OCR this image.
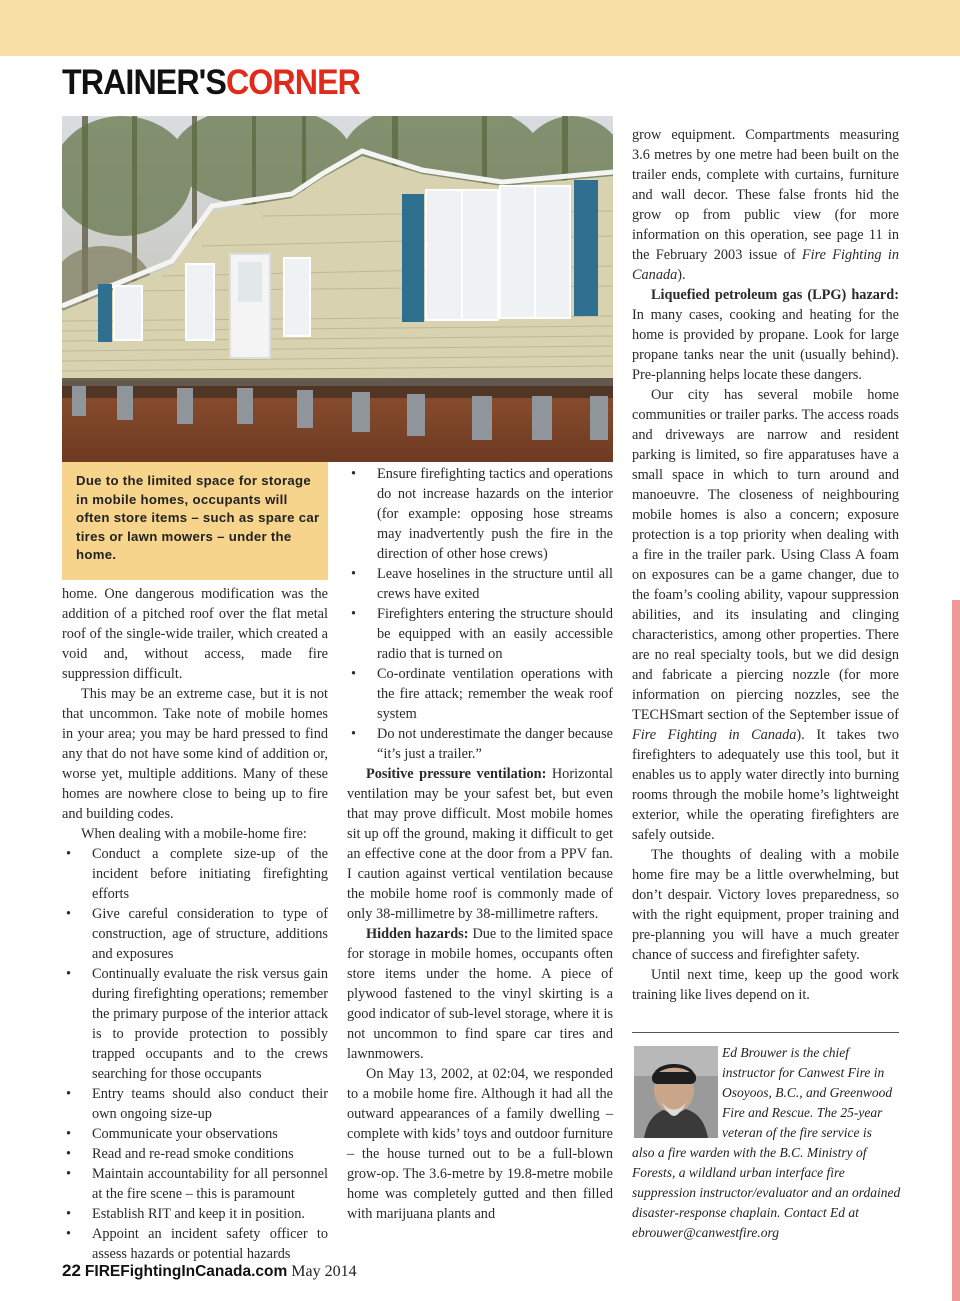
TRAINER'SCORNER
Due to the limited space for storage in mobile homes, occupants will often store items – such as spare car tires or lawn mowers – under the home.

home. One dangerous modification was the addition of a pitched roof over the flat metal roof of the single-wide trailer, which created a void and, without access, made fire suppression difficult.

This may be an extreme case, but it is not that uncommon. Take note of mobile homes in your area; you may be hard pressed to find any that do not have some kind of addition or, worse yet, multiple additions. Many of these homes are nowhere close to being up to fire and building codes.

When dealing with a mobile-home fire:

• Conduct a complete size-up of the incident before initiating firefighting efforts
• Give careful consideration to type of construction, age of structure, additions and exposures
• Continually evaluate the risk versus gain during firefighting operations; remember the primary purpose of the interior attack is to provide protection to possibly trapped occupants and to the crews searching for those occupants
• Entry teams should also conduct their own ongoing size-up
• Communicate your observations
• Read and re-read smoke conditions
• Maintain accountability for all personnel at the fire scene – this is paramount
• Establish RIT and keep it in position.
• Appoint an incident safety officer to assess hazards or potential hazards
• Ensure firefighting tactics and operations do not increase hazards on the interior (for example: opposing hose streams may inadvertently push the fire in the direction of other hose crews)
• Leave hoselines in the structure until all crews have exited
• Firefighters entering the structure should be equipped with an easily accessible radio that is turned on
• Co-ordinate ventilation operations with the fire attack; remember the weak roof system
• Do not underestimate the danger because “it’s just a trailer.”

Positive pressure ventilation: Horizontal ventilation may be your safest bet, but even that may prove difficult. Most mobile homes sit up off the ground, making it difficult to get an effective cone at the door from a PPV fan. I caution against vertical ventilation because the mobile home roof is commonly made of only 38-millimetre by 38-millimetre rafters.

Hidden hazards: Due to the limited space for storage in mobile homes, occupants often store items under the home. A piece of plywood fastened to the vinyl skirting is a good indicator of sub-level storage, where it is not uncommon to find spare car tires and lawnmowers.

On May 13, 2002, at 02:04, we responded to a mobile home fire. Although it had all the outward appearances of a family dwelling – complete with kids’ toys and outdoor furniture – the house turned out to be a full-blown grow-op. The 3.6-metre by 19.8-metre mobile home was completely gutted and then filled with marijuana plants and

grow equipment. Compartments measuring 3.6 metres by one metre had been built on the trailer ends, complete with curtains, furniture and wall decor. These false fronts hid the grow op from public view (for more information on this operation, see page 11 in the February 2003 issue of Fire Fighting in Canada).

Liquefied petroleum gas (LPG) hazard: In many cases, cooking and heating for the home is provided by propane. Look for large propane tanks near the unit (usually behind). Pre-planning helps locate these dangers.

Our city has several mobile home communities or trailer parks. The access roads and driveways are narrow and resident parking is limited, so fire apparatuses have a small space in which to turn around and manoeuvre. The closeness of neighbouring mobile homes is also a concern; exposure protection is a top priority when dealing with a fire in the trailer park. Using Class A foam on exposures can be a game changer, due to the foam’s cooling ability, vapour suppression abilities, and its insulating and clinging characteristics, among other properties. There are no real specialty tools, but we did design and fabricate a piercing nozzle (for more information on piercing nozzles, see the TECHSmart section of the September issue of Fire Fighting in Canada). It takes two firefighters to adequately use this tool, but it enables us to apply water directly into burning rooms through the mobile home’s lightweight exterior, while the operating firefighters are safely outside.

The thoughts of dealing with a mobile home fire may be a little overwhelming, but don’t despair. Victory loves preparedness, so with the right equipment, proper training and pre-planning you will have a much greater chance of success and firefighter safety.

Until next time, keep up the good work training like lives depend on it.

Ed Brouwer is the chief instructor for Canwest Fire in Osoyoos, B.C., and Greenwood Fire and Rescue. The 25-year veteran of the fire service is
also a fire warden with the B.C. Ministry of Forests, a wildland urban interface fire suppression instructor/evaluator and an ordained disaster-response chaplain. Contact Ed at ebrouwer@canwestfire.org
22 FIREFightingInCanada.com May 2014
